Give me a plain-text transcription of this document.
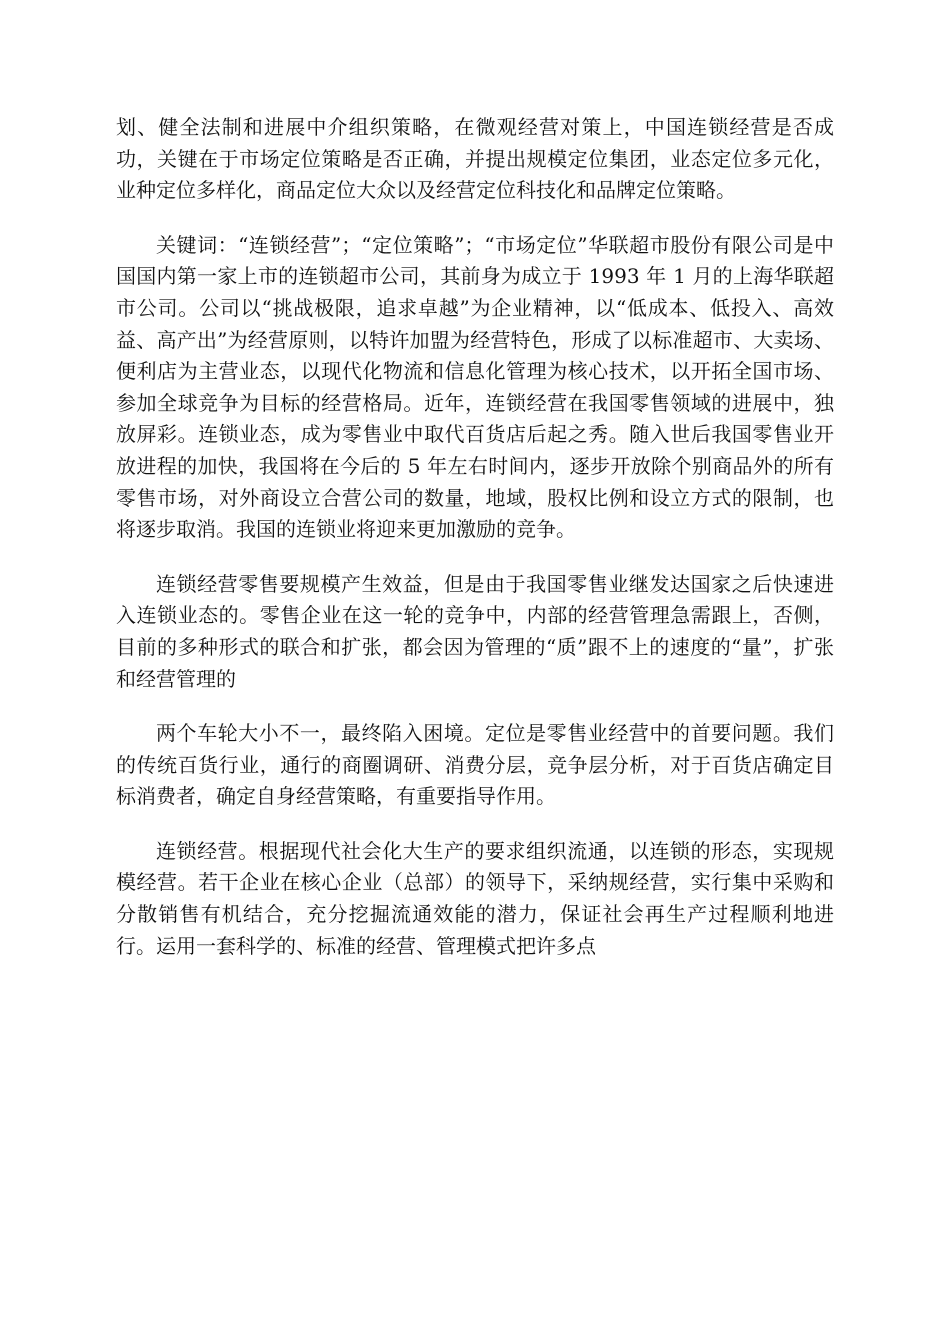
划、健全法制和进展中介组织策略，在微观经营对策上，中国连锁经营是否成功，关键在于市场定位策略是否正确，并提出规模定位集团，业态定位多元化，业种定位多样化，商品定位大众以及经营定位科技化和品牌定位策略。

关键词：“连锁经营”；“定位策略”；“市场定位”华联超市股份有限公司是中国国内第一家上市的连锁超市公司，其前身为成立于 1993 年 1 月的上海华联超市公司。公司以“挑战极限，追求卓越”为企业精神，以“低成本、低投入、高效益、高产出”为经营原则，以特许加盟为经营特色，形成了以标准超市、大卖场、便利店为主营业态，以现代化物流和信息化管理为核心技术，以开拓全国市场、参加全球竞争为目标的经营格局。近年，连锁经营在我国零售领域的进展中，独放屏彩。连锁业态，成为零售业中取代百货店后起之秀。随入世后我国零售业开放进程的加快，我国将在今后的 5 年左右时间内，逐步开放除个别商品外的所有零售市场，对外商设立合营公司的数量，地域，股权比例和设立方式的限制，也将逐步取消。我国的连锁业将迎来更加激励的竞争。

连锁经营零售要规模产生效益，但是由于我国零售业继发达国家之后快速进入连锁业态的。零售企业在这一轮的竞争中，内部的经营管理急需跟上，否侧，目前的多种形式的联合和扩张，都会因为管理的“质”跟不上的速度的“量”，扩张和经营管理的

两个车轮大小不一，最终陷入困境。定位是零售业经营中的首要问题。我们的传统百货行业，通行的商圈调研、消费分层，竞争层分析，对于百货店确定目标消费者，确定自身经营策略，有重要指导作用。

连锁经营。根据现代社会化大生产的要求组织流通，以连锁的形态，实现规模经营。若干企业在核心企业（总部）的领导下，采纳规经营，实行集中采购和分散销售有机结合，充分挖掘流通效能的潜力，保证社会再生产过程顺利地进行。运用一套科学的、标准的经营、管理模式把许多点
